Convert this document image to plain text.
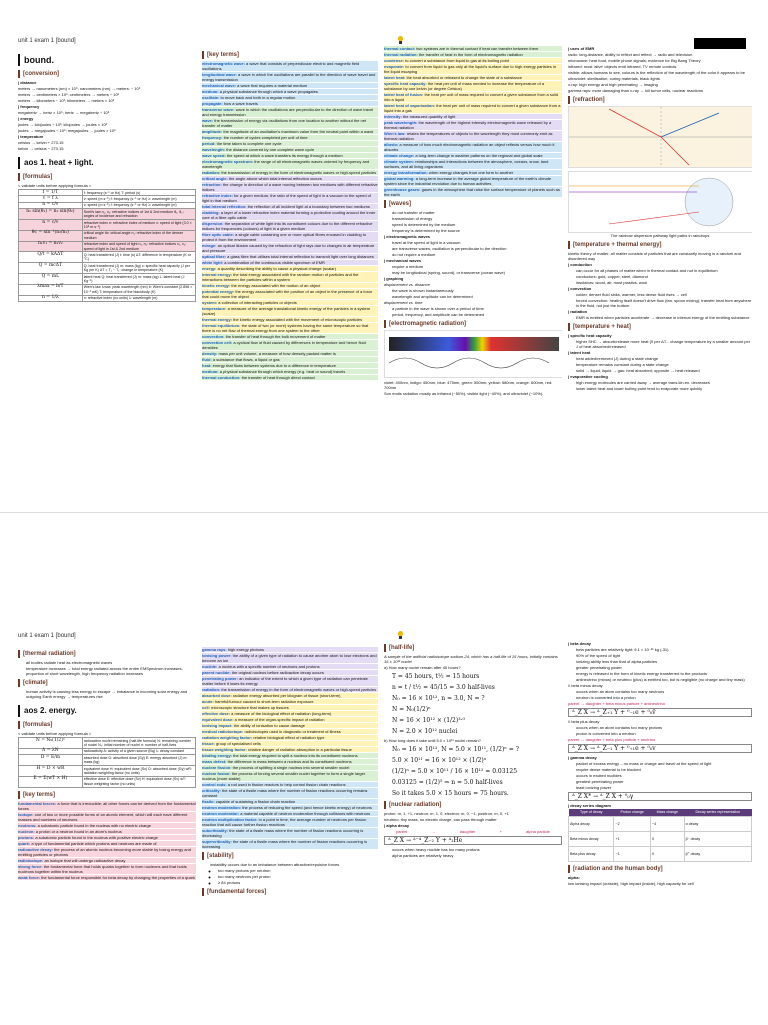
unit 1 exam 1 [bound]
bound.
[conversion]
| distance
meters → nanometers (nm) × 10⁹; nanometers (nm) → meters: ÷ 10⁹
meters → centimeters × 10²; centimeters → meters ÷ 10²
meters → kilometers ÷ 10³; kilometers → meters × 10³
| frequency
megahertz → hertz × 10⁶; hertz → megahertz ÷ 10⁶
| energy
joules → kilojoules ÷ 10³; kilojoules → joules × 10³
joules → megajoules ÷ 10⁶; megajoules → joules × 10⁶
| temperature
celsius → kelvin + 273.15
kelvin → celsius − 273.15
aos 1. heat + light.
[formulas]
< validate units before applying formula >
f = 1/T	f: frequency (s⁻¹ or Hz) T: period (s)
v = f λ	v: speed (m s⁻¹) f: frequency (s⁻¹ or Hz) λ: wavelength (m)
n = c/v	c: speed (m s⁻¹) f: frequency (s⁻¹ or Hz) λ: wavelength (m)
n₁ sin(θ₁) = n₂ sin(θ₂)	Snell's law n₁, n₂: refractive indices of 1st & 2nd medium θ₁, θ₂: angles of incidence and refraction
n = c/v	refractive index n: refractive index of medium c: speed of light (3.0 × 10⁸ m s⁻¹)
θc = sin⁻¹(n₂/n₁)	critical angle θc: critical angle n₁: refractive index of the denser medium
n₁v₁ = n₂v₂	refractive index and speed of light n₁, n₂: refractive indices v₁, v₂: speed of light in 1st & 2nd medium
Q/t = kAΔT	Q: heat transferred (J) t: time (s) ΔT: difference in temperature (K or °C)
Q = mcΔT	Q: heat transferred (J) m: mass (kg) c: specific heat capacity (J per Kg per K) ΔT = T₂ − T₁: change in temperature (K)
Q = mL	latent heat Q: heat transferred (J) m: mass (kg) L: latent heat (J Kg⁻¹)
λmax = b/T	Wien's law λmax: peak wavelength (nm) b: Wien's constant (2.898 × 10⁻³ mK) T: temperature of the blackbody (K)
n = 1/λ	n: refractive index (no units) λ: wavelength (m)
[key terms]
electromagnetic wave: a wave that consists of perpendicular electric and magnetic field oscillations
longitudinal wave: a wave in which the oscillations are parallel to the direction of wave travel and energy transmission
mechanical wave: a wave that requires a material medium
medium: a physical substance through which a wave propagates
oscillate: to move back and forth in a regular motion
propagate: how a wave travels
transverse wave: wave in which the oscillations are perpendicular to the direction of wave travel and energy transmission
wave: the transmission of energy via oscillations from one location to another without the net transfer of matter
amplitude: the magnitude of an oscillation's maximum value from the neutral point within a wave
frequency: the number of cycles completed per unit of time
period: the time taken to complete one cycle
wavelength: the distance covered by one complete wave cycle
wave speed: the speed at which a wave transfers its energy through a medium
electromagnetic spectrum: the range of all electromagnetic waves ordered by frequency and wavelength
radiation: the transmission of energy in the form of electromagnetic waves or high-speed particles
critical angle: the angle above which total internal reflection occurs
refraction: the change in direction of a wave moving between two mediums with different refractive indices
refractive index: for a given medium, the ratio of the speed of light in a vacuum to the speed of light in that medium
total internal reflection: the reflection of all incident light at a boundary between two mediums
cladding: a layer of a lower refractive index material forming a protective coating around the inner core of a fibre optic cable
dispersion: the separation of white light into its constituent colours due to the different refractive indices for frequencies (colours) of light in a given medium
fibre optic cable: a single cable containing one or more optical fibres encased in cladding to protect it from the environment
mirage: an optical illusion caused by the refraction of light rays due to changes in air temperature and pressure
optical fibre: a glass fibre that utilises total internal reflection to transmit light over long distances
white light: a combination of the continuous visible spectrum of EMR
energy: a quantity describing the ability to cause a physical change (scalar)
internal energy: the total energy associated with the random motion of particles and the interactions between the particles within a system
kinetic energy: the energy associated with the motion of an object
potential energy: the energy associated with the position of an object in the presence of a force that could move the object
system: a collection of interacting particles or objects
temperature: a measure of the average translational kinetic energy of the particles in a system (scalar)
thermal energy: the kinetic energy associated with the movement of microscopic particles
thermal equilibrium: the state of two (or more) systems having the same temperature so that there is no net flow of thermal energy from one system to the other
convection: the transfer of heat through the bulk movement of matter
convection cell: a cyclical flow of fluid caused by differences in temperature and hence fluid densities
density: mass per unit volume, a measure of how densely packed matter is
fluid: a substance that flows, a liquid or gas
heat: energy that flows between systems due to a difference in temperature
medium: a physical substance through which energy (e.g. heat or sound) travels
thermal conduction: the transfer of heat through direct contact
thermal contact: two systems are in thermal contact if heat can transfer between them
thermal radiation: the transfer of heat in the form of electromagnetic radiation
condense: to convert a substance from liquid to gas at its boiling point
evaporate: to convert from liquid to gas only at the liquid's surface due to high energy particles in the liquid escaping
latent heat: the heat absorbed or released to change the state of a substance
specific heat capacity: the heat per unit of mass needed to increase the temperature of a substance by one kelvin (or degree Celsius)
latent heat of fusion: the heat per unit of mass required to convert a given substance from a solid into a liquid
latent heat of vaporisation: the heat per unit of mass required to convert a given substance from a liquid into a gas
intensity: the measured quantity of light
peak wavelength: the wavelength of the highest intensity electromagnetic wave released by a thermal radiation
Wien's law: relates the temperatures of objects to the wavelength they most commonly emit as thermal radiation
albedo: a measure of how much electromagnetic radiation an object reflects versus how much it absorbs
climate change: a long-term change in weather patterns on the regional and global scale
climate system: relationships and interactions between the atmosphere, oceans, snow, land surfaces, and all living organisms
energy transformation: when energy changes from one form to another
global warming: a long-term increase in the average global temperature of the earth's climate system since the industrial revolution due to human activities
greenhouse gases: gases in the atmosphere that raise the surface temperature of planets such as the earth
[waves]
• do not transfer of matter
• transmission of energy
• speed is determined by the medium
• frequency is determined by the source
| electromagnetic waves
• travel at the speed of light in a vacuum
• are transverse waves; oscillation is perpendicular to the direction
• do not require a medium
| mechanical waves
• require a medium
• may be longitudinal (spring, sound), or transverse (ocean wave)
| graphing
displacement vs. distance
• the wave is shown instantaneously
• wavelength and amplitude can be determined
displacement vs. time
• a particle in the wave is shown over a period of time
• period, frequency, and amplitude can be determined
[electromagnetic radiation]
violet: 400nm, indigo: 450nm, blue: 475nm, green: 550nm, yellow: 580nm, orange: 600nm, red: 700nm
Sun emits radiation mostly as infrared (~50%), visible light (~40%), and ultraviolet (~10%).
| uses of EMR
radio: long-distance, ability to reflect and reflect → radio and television
microwave: heat food, mobile phone signals; evidence for Big Bang Theory
infrared: most 'alive' objects emit infrared, TV remote controls
visible: allows humans to see, colours is the reflection of the wavelength of the color it appears to be
ultraviolet: sterilisation, curing materials, black lights
x-ray: high energy and high penetrating → imaging
gamma rays: more damaging than x-ray → kill tumor cells, nuclear reactions
[refraction]
The rainbow dispersion pathway light paths in raindrops
[temperature + thermal energy]
kinetic theory of matter: all matter consists of particles that are constantly moving in a random and disordered way
| conduction
• can occur for all phases of matter when in thermal contact and not in equilibrium
• conductors: gold, copper, steel, diamond
• insulators: wood, air, most plastics, wool
| convection
• colder, denser fluid sinks, warmer, less dense fluid rises → cell
• forced convection: heating itself doesn't drive flow (fan, spoon mixing); transfer heat from anywhere in the fluid, not just the bottom
| radiation
• EMR is emitted when particles accelerate → decrease in internal energy of the emitting substance
[temperature + heat]
| specific heat capacity
• higher SHC → absorb/release more heat (0 per ΔT... change temperature by a smaller amount per J of heat absorbed/released
| latent heat
• heat added/removed (J) during a state change
• temperature remains constant during a state change
• solid → liquid, liquid → gas: heat absorbed; opposite → heat released
| evaporative cooling
• high energy molecules are carried away → average trans.kin.en. decreases
• lower latent heat and lower boiling point tend to evaporate more quickly
unit 1 exam 1 [bound]
[thermal radiation]
• all bodies radiate heat as electromagnetic waves
• temperature increases → total energy radiated across the entire EMSpectrum increases, proportion of short wavelength, high frequency radiation increases
[climate]
• human activity is causing less energy to escape → imbalance in incoming solar energy and outgoing Earth energy → temperatures rise
aos 2. energy.
[formulas]
< validate units before applying formula >
N = N₀(1/2)ⁿ	radioactive nuclei remaining (half-life formula) N: remaining number of nuclei N₀: initial number of nuclei n: number of half-lives
A = λN	radioactivity A: activity of a given source (Bq) λ: decay constant
D = E/m	absorbed dose D: absorbed dose (Gy) E: energy absorbed (J) m: mass (kg)
H = D × wR	equivalent dose H: equivalent dose (Sv) D: absorbed dose (Gy) wR: radiation weighting factor (no units)
E = Σ(wT × H)	effective dose E: effective dose (Sv) H: equivalent dose (Sv) wT: tissue weighting factor (no units)
[key terms]
fundamental forces: a force that is irreducible; all other forces can be derived from the fundamental forces
isotope: one of two or more possible forms of an atomic element, which will each have different masses and numbers of neutrons
neutrons: a subatomic particle found in the nucleus with no electric charge
nucleon: a proton or a neutron found in an atom's nucleus
protons: a subatomic particle found in the nucleus with positive electric charge
quark: a type of fundamental particle which protons and neutrons are made of
radioactive decay: the process of an atomic nucleus becoming more stable by losing energy and emitting particles or photons
radioisotope: an isotope that will undergo radioactive decay
strong force: the fundamental force that holds quarks together to form nucleons and that holds nucleons together within the nucleus
weak force: the fundamental force responsible for beta decay by changing the properties of a quark
gamma rays: high energy photons
ionising power: the ability of a given type of radiation to cause another atom to lose electrons and become an ion
nuclide: a nucleus with a specific number of neutrons and protons
parent nuclide: the original nucleus before radioactive decay occurs
penetrating power: an indicator of the extent to which a given type of radiation can penetrate matter before it loses its energy
radiation: the transmission of energy in the form of electromagnetic waves or high-speed particles
absorbed dose: radiation energy absorbed per kilogram of tissue (short-term)
acute: harmful/tumour caused to short-term radiation exposure
cell: microscopic structure that makes up tissues
effective dose: a measure of the biological effect of radiation (long-term)
equivalent dose: a measure of the organ-specific impact of radiation
ionising impact: the ability of ionisation to cause damage
medical radioisotope: radioisotopes used in diagnostic or treatment of illness
radiation weighting factor: relative biological effect of radiation type
tissue: group of specialised cells
tissue weighting factor: relative danger of radiation absorption in a particular tissue
binding energy: the total energy required to split a nucleus into its constituent nucleons
mass defect: the difference in mass between a nucleus and its constituent nucleons
nuclear fission: the process of splitting a single nucleus into several smaller nuclei
nuclear fusion: the process of forcing several smaller nuclei together to form a single larger nucleus (more stable)
control rods: a rod used in fission reactors to help control fission chain reactions
criticality: the state of a fissile mass where the number of fission reactions occurring remains constant
fissile: capable of sustaining a fission chain reaction
neutron moderation: the process of reducing the speed (and hence kinetic energy) of neutrons
neutron moderator: a material capable of neutron moderation through collisions with neutrons
neutron multiplication factor: in a point in time, the average number of neutrons per fission reaction that will cause further fission reactions
subcriticality: the state of a fissile mass where the number of fission reactions occurring is decreasing
supercriticality: the state of a fissile mass where the number of fission reactions occurring is increasing
[stability]
• instability occurs due to an imbalance between attractive/repulsive forces
◦ too many protons per neutron
◦ too many neutrons per proton
◦ ≥ 84 protons
[fundamental forces]
[half-life]
A sample of the artificial radioisotope sodium-24, which has a half-life of 15 hours, initially contains 16 × 10¹² nuclei
a) How many nuclei remain after 45 hours?
T = 45 hours, t½ = 15 hours
n = t / t½ = 45/15 = 3.0 half-lives
N₀ = 16 × 10¹², n = 3.0, N = ?
N = N₀(1/2)ⁿ
N = 16 × 10¹² × (1/2)³·⁰
N = 2.0 × 10¹² nuclei
b) How long does it take until 5.0 × 10¹¹ nuclei remain?
N₀ = 16 × 10¹², N = 5.0 × 10¹¹, (1/2)ⁿ = ?
5.0 × 10¹¹ = 16 × 10¹² × (1/2)ⁿ
(1/2)ⁿ = 5.0 × 10¹¹ / 16 × 10¹² = 0.03125
0.03125 = (1/2)⁵ ⇒ n = 5.0 half-lives
So it takes 5.0 × 15 hours = 75 hours.
[nuclear radiation]
proton: m, 1, +1, neutron: m, 1, 0, electron: m, 0, −1, positron: m, 0, +1
neutrino: tiny mass, no electric charge, can pass through matter
| alpha decay
parent	→	daughter	+	alpha particle
ᴬ_Z X → ᴬ⁻⁴_Z₋₂ Y + ⁴₂He
• occurs when heavy nuclide has too many protons
• alpha particles are relatively heavy
| beta decay
• beta particles are relatively light: 9.1 × 10⁻³¹ kg (-31)
• 90% of the speed of light
• ionizing ability less than that of alpha particles
• greater penetrating power
• energy is released in the form of kinetic energy transferred to the products
• antineutrino (minus) or neutrino (plus) is emitted too, but is negligible (no charge and tiny mass)
\\ beta minus decay
• occurs when an atom contains too many neutrons
• neutron is converted into a proton
parent → daughter + beta minus particle + antineutrino
ᴬ_Z X → ᴬ_Z₊₁ Y + ⁰₋₁e + ⁰₀v̄
\\ beta plus decay
• occurs when an atom contains too many protons
• proton is converted into a neutron
parent → daughter + beta plus particle + neutrino
ᴬ_Z X → ᴬ_Z₋₁ Y + ⁰₊₁e + ⁰₀v
| gamma decay
• packet of excess energy – no mass or charge and travel at the speed of light
• require dense material to be blocked
• occurs in excited nuclides
• greatest penetrating power
• least ionizing power
ᴬ_Z X* → ᴬ_Z X + ⁰₀γ
| decay series diagram
Type of decay	Proton change	Mass change	Decay series representation
Alpha decay	−2	−4	α decay
Beta minus decay	+1	0	β⁻ decay
Beta plus decay	−1	0	β⁺ decay
[radiation and the human body]
alpha:
low ionising impact (outside), high impact (inside), high capacity for cell
